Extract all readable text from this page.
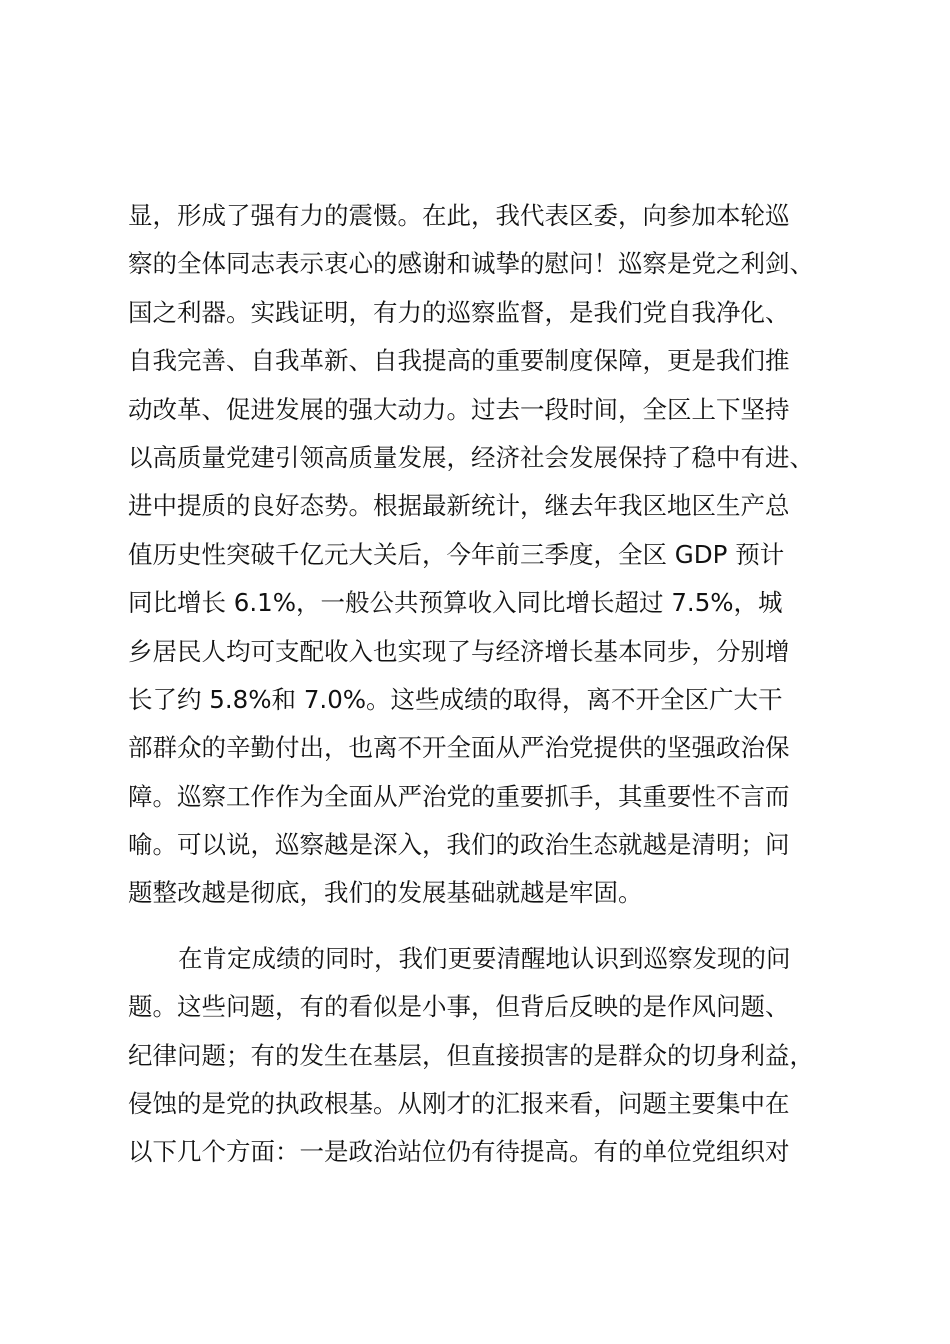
显，形成了强有力的震慑。在此，我代表区委，向参加本轮巡
察的全体同志表示衷心的感谢和诚挚的慰问！巡察是党之利剑、
国之利器。实践证明，有力的巡察监督，是我们党自我净化、
自我完善、自我革新、自我提高的重要制度保障，更是我们推
动改革、促进发展的强大动力。过去一段时间，全区上下坚持
以高质量党建引领高质量发展，经济社会发展保持了稳中有进、
进中提质的良好态势。根据最新统计，继去年我区地区生产总
值历史性突破千亿元大关后，今年前三季度，全区 GDP 预计
同比增长 6.1%，一般公共预算收入同比增长超过 7.5%，城
乡居民人均可支配收入也实现了与经济增长基本同步，分别增
长了约 5.8%和 7.0%。这些成绩的取得，离不开全区广大干
部群众的辛勤付出，也离不开全面从严治党提供的坚强政治保
障。巡察工作作为全面从严治党的重要抓手，其重要性不言而
喻。可以说，巡察越是深入，我们的政治生态就越是清明；问
题整改越是彻底，我们的发展基础就越是牢固。
在肯定成绩的同时，我们更要清醒地认识到巡察发现的问
题。这些问题，有的看似是小事，但背后反映的是作风问题、
纪律问题；有的发生在基层，但直接损害的是群众的切身利益，
侵蚀的是党的执政根基。从刚才的汇报来看，问题主要集中在
以下几个方面：一是政治站位仍有待提高。有的单位党组织对
